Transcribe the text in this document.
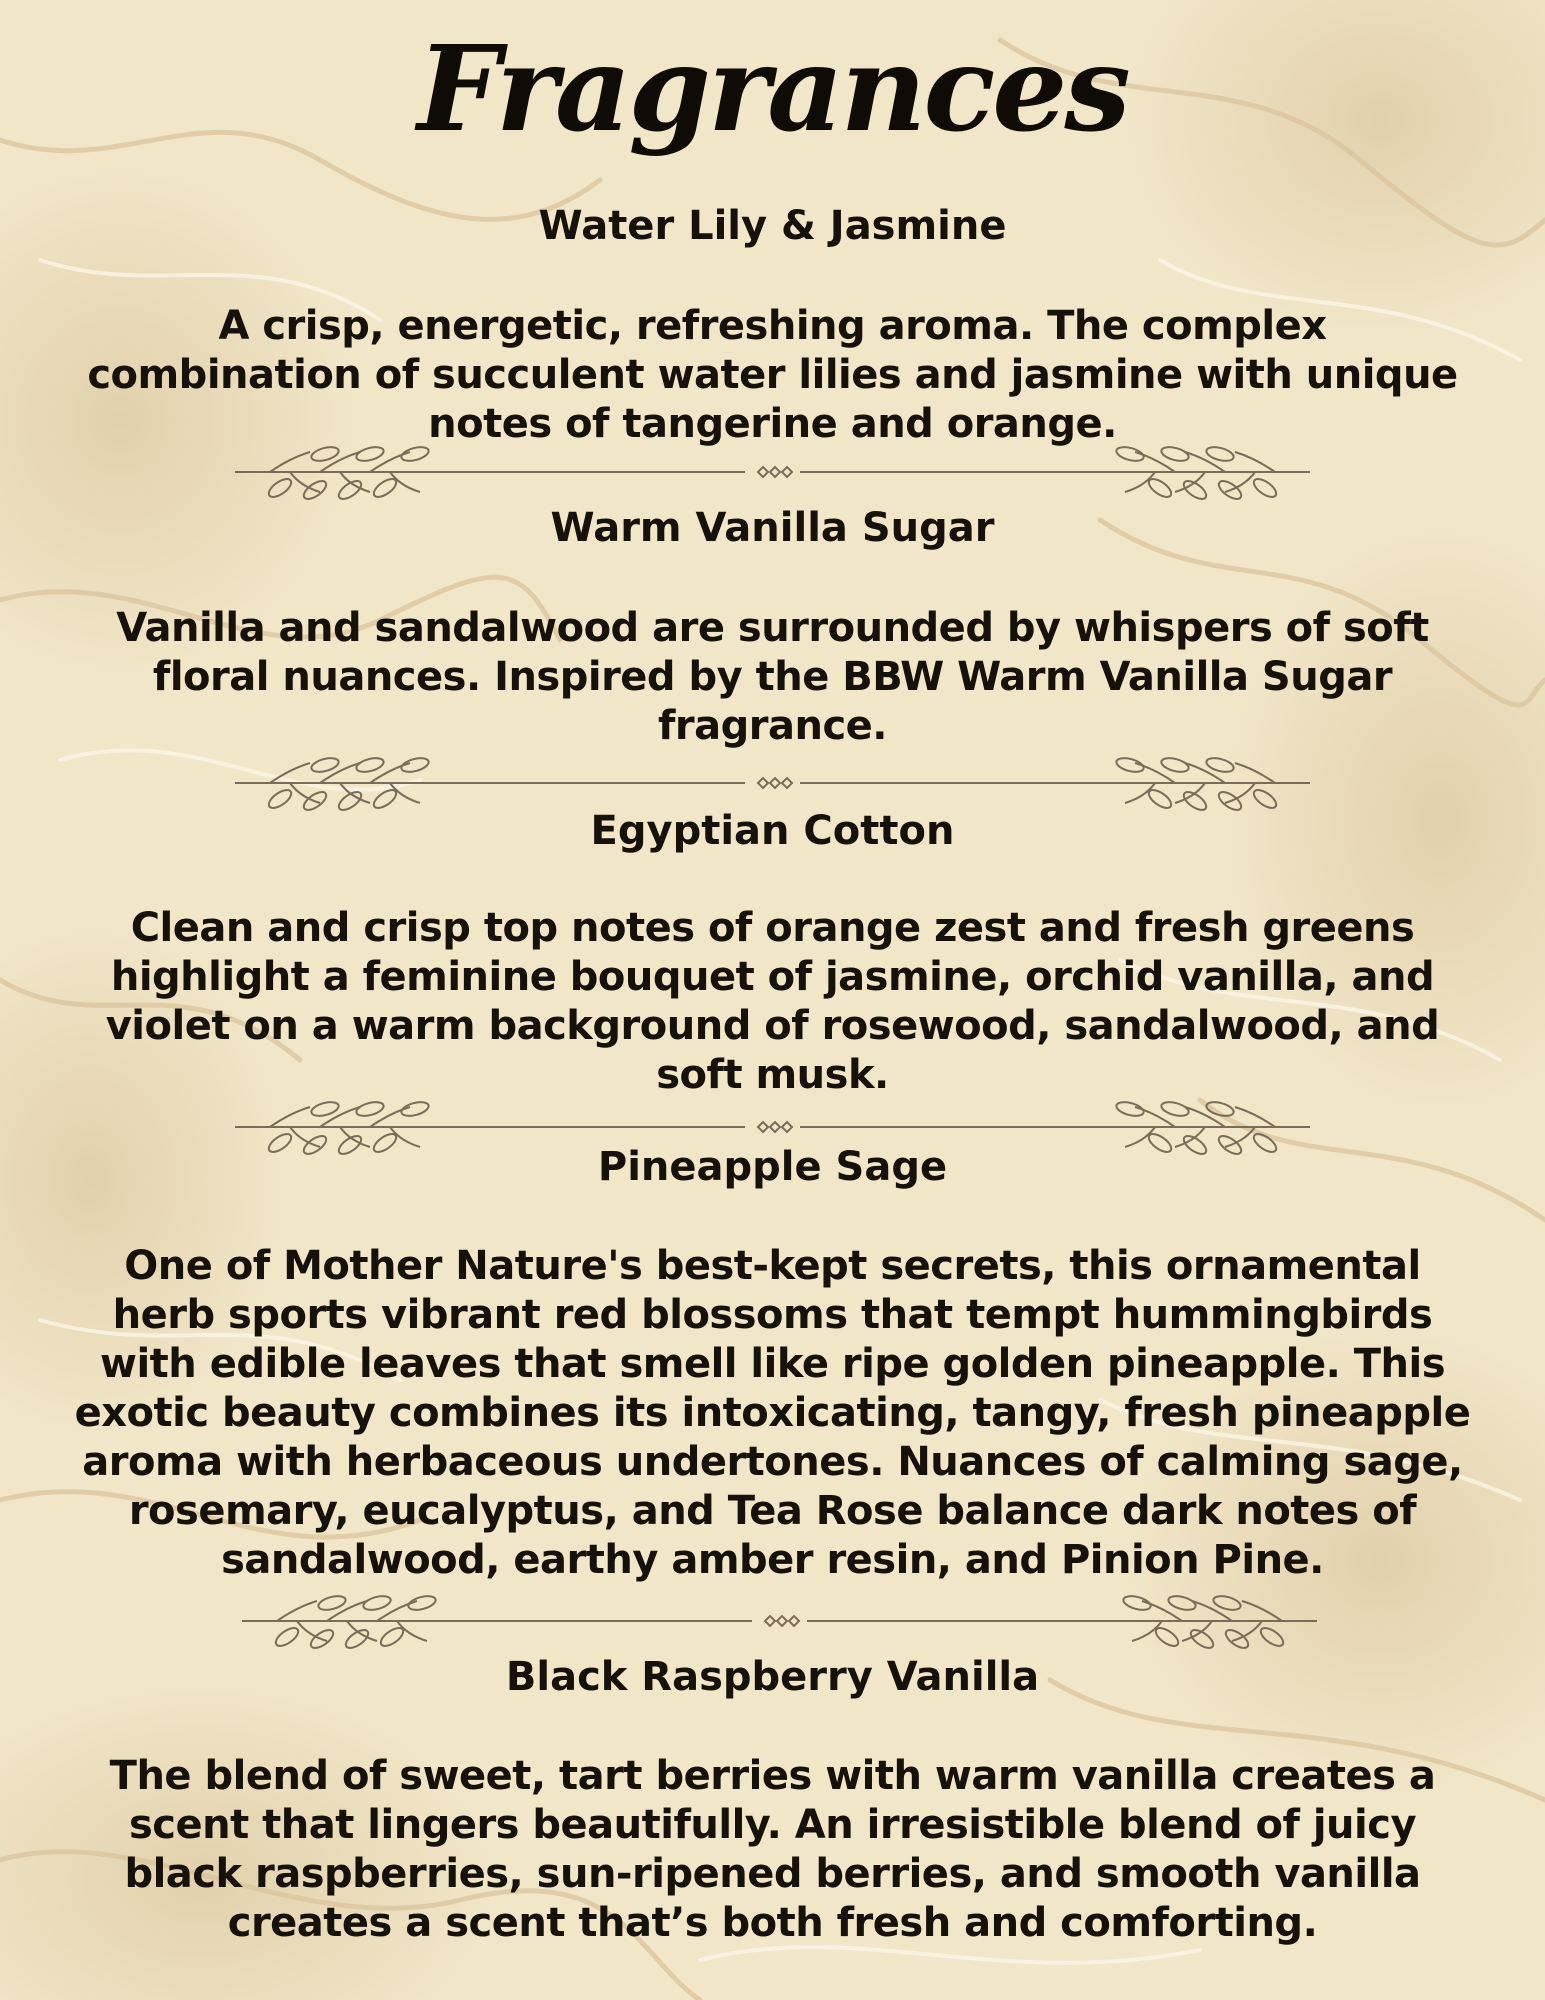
Fragrances
Water Lily & Jasmine
A crisp, energetic, refreshing aroma. The complex
combination of succulent water lilies and jasmine with unique
notes of tangerine and orange.
Warm Vanilla Sugar
Vanilla and sandalwood are surrounded by whispers of soft
floral nuances. Inspired by the BBW Warm Vanilla Sugar
fragrance.
Egyptian Cotton
Clean and crisp top notes of orange zest and fresh greens
highlight a feminine bouquet of jasmine, orchid vanilla, and
violet on a warm background of rosewood, sandalwood, and
soft musk.
Pineapple Sage
One of Mother Nature's best-kept secrets, this ornamental
herb sports vibrant red blossoms that tempt hummingbirds
with edible leaves that smell like ripe golden pineapple. This
exotic beauty combines its intoxicating, tangy, fresh pineapple
aroma with herbaceous undertones. Nuances of calming sage,
rosemary, eucalyptus, and Tea Rose balance dark notes of
sandalwood, earthy amber resin, and Pinion Pine.
Black Raspberry Vanilla
The blend of sweet, tart berries with warm vanilla creates a
scent that lingers beautifully. An irresistible blend of juicy
black raspberries, sun-ripened berries, and smooth vanilla
creates a scent that’s both fresh and comforting.
